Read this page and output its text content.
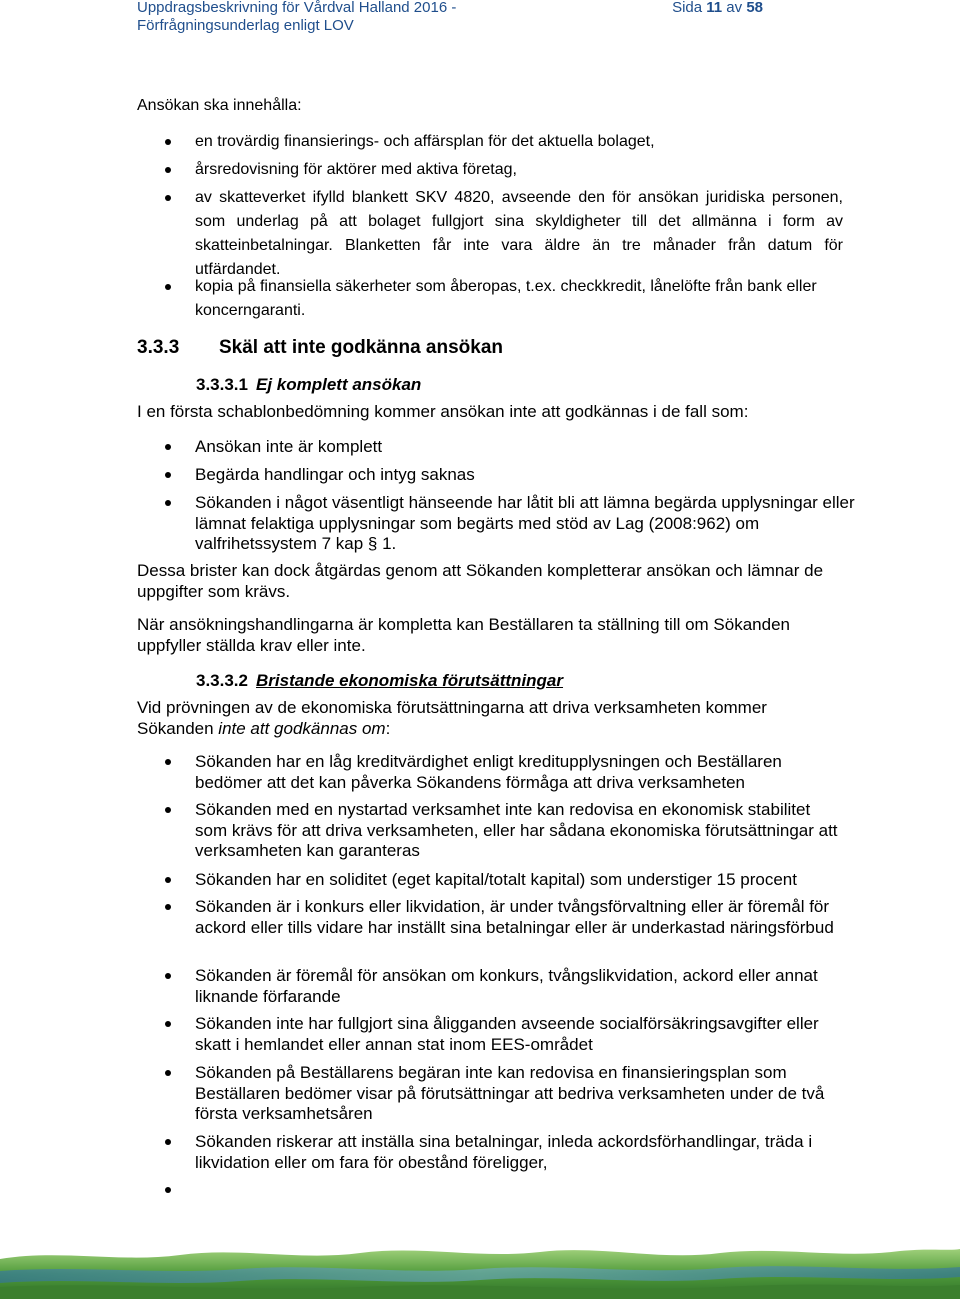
Uppdragsbeskrivning för Vårdval Halland 2016 -
Förfrågningsunderlag enligt LOV
Sida 11 av 58
Ansökan ska innehålla:
en trovärdig finansierings- och affärsplan för det aktuella bolaget,
årsredovisning för aktörer med aktiva företag,
av skatteverket ifylld blankett SKV 4820, avseende den för ansökan juridiska personen, som underlag på att bolaget fullgjort sina skyldigheter till det allmänna i form av skatteinbetalningar. Blanketten får inte vara äldre än tre månader från datum för utfärdandet.
kopia på finansiella säkerheter som åberopas, t.ex. checkkredit, lånelöfte från bank eller koncerngaranti.
3.3.3 Skäl att inte godkänna ansökan
3.3.3.1 Ej komplett ansökan
I en första schablonbedömning kommer ansökan inte att godkännas i de fall som:
Ansökan inte är komplett
Begärda handlingar och intyg saknas
Sökanden i något väsentligt hänseende har låtit bli att lämna begärda upplysningar eller lämnat felaktiga upplysningar som begärts med stöd av Lag (2008:962) om valfrihetssystem 7 kap § 1.
Dessa brister kan dock åtgärdas genom att Sökanden kompletterar ansökan och lämnar de uppgifter som krävs.
När ansökningshandlingarna är kompletta kan Beställaren ta ställning till om Sökanden uppfyller ställda krav eller inte.
3.3.3.2 Bristande ekonomiska förutsättningar
Vid prövningen av de ekonomiska förutsättningarna att driva verksamheten kommer Sökanden inte att godkännas om:
Sökanden har en låg kreditvärdighet enligt kreditupplysningen och Beställaren bedömer att det kan påverka Sökandens förmåga att driva verksamheten
Sökanden med en nystartad verksamhet inte kan redovisa en ekonomisk stabilitet som krävs för att driva verksamheten, eller har sådana ekonomiska förutsättningar att verksamheten kan garanteras
Sökanden har en soliditet (eget kapital/totalt kapital) som understiger 15 procent
Sökanden är i konkurs eller likvidation, är under tvångsförvaltning eller är föremål för ackord eller tills vidare har inställt sina betalningar eller är underkastad näringsförbud
Sökanden är föremål för ansökan om konkurs, tvångslikvidation, ackord eller annat liknande förfarande
Sökanden inte har fullgjort sina åligganden avseende socialförsäkringsavgifter eller skatt i hemlandet eller annan stat inom EES-området
Sökanden på Beställarens begäran inte kan redovisa en finansieringsplan som Beställaren bedömer visar på förutsättningar att bedriva verksamheten under de två första verksamhetsåren
Sökanden riskerar att inställa sina betalningar, inleda ackordsförhandlingar, träda i likvidation eller om fara för obestånd föreligger,
